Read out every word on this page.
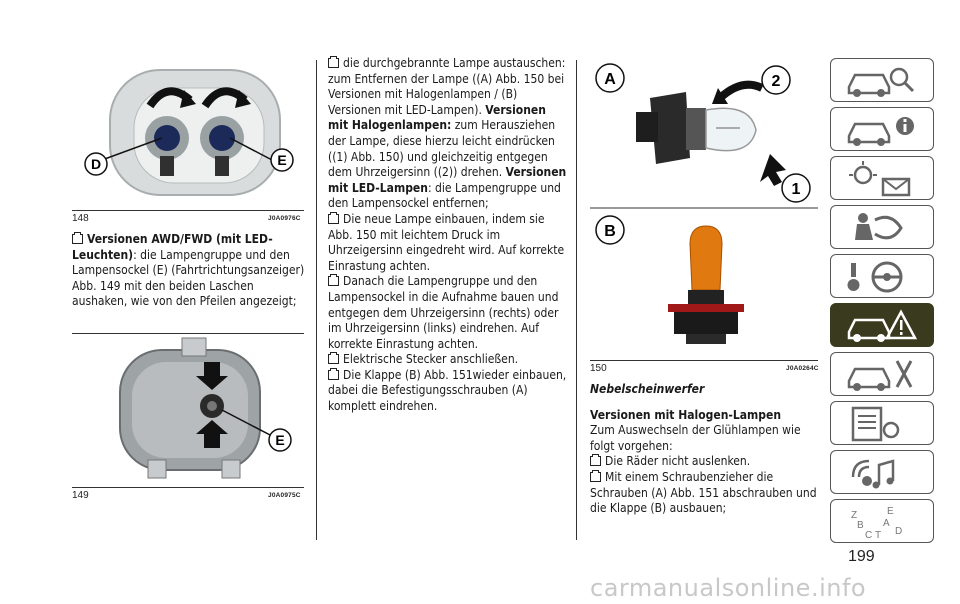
D	E
148	J0A0976C

Versionen AWD/FWD (mit LED-Leuchten): die Lampengruppe und den Lampensockel (E) (Fahrtrichtungsanzeiger) Abb. 149 mit den beiden Laschen aushaken, wie von den Pfeilen angezeigt;

E
149	J0A0975C

die durchgebrannte Lampe austauschen: zum Entfernen der Lampe ((A) Abb. 150 bei Versionen mit Halogenlampen / (B) Versionen mit LED-Lampen). Versionen mit Halogenlampen: zum Herausziehen der Lampe, diese hierzu leicht eindrücken ((1) Abb. 150) und gleichzeitig entgegen dem Uhrzeigersinn ((2)) drehen. Versionen mit LED-Lampen: die Lampengruppe und den Lampensockel entfernen;

Die neue Lampe einbauen, indem sie Abb. 150 mit leichtem Druck im Uhrzeigersinn eingedreht wird. Auf korrekte Einrastung achten.

Danach die Lampengruppe und den Lampensockel in die Aufnahme bauen und entgegen dem Uhrzeigersinn (rechts) oder im Uhrzeigersinn (links) eindrehen. Auf korrekte Einrastung achten.

Elektrische Stecker anschließen.

Die Klappe (B) Abb. 151wieder einbauen, dabei die Befestigungsschrauben (A) komplett eindrehen.

A	2
1
B
150	J0A0264C

Nebelscheinwerfer

Versionen mit Halogen-Lampen

Zum Auswechseln der Glühlampen wie folgt vorgehen:

Die Räder nicht auslenken.

Mit einem Schraubenzieher die Schrauben (A) Abb. 151 abschrauben und die Klappe (B) ausbauen;

Z	E
B A
C T D
199
carmanualsonline.info
